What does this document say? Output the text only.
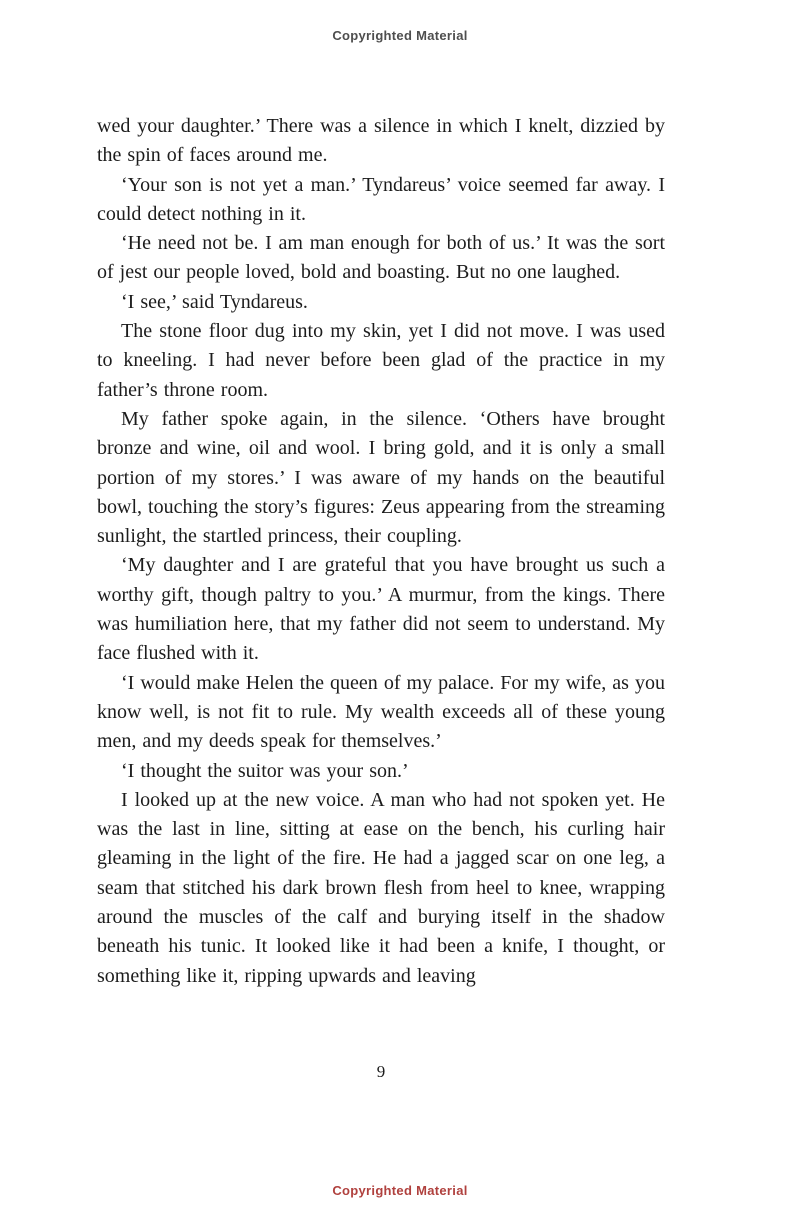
Copyrighted Material

wed your daughter.’ There was a silence in which I knelt, dizzied by the spin of faces around me.

‘Your son is not yet a man.’ Tyndareus’ voice seemed far away. I could detect nothing in it.

‘He need not be. I am man enough for both of us.’ It was the sort of jest our people loved, bold and boasting. But no one laughed.

‘I see,’ said Tyndareus.

The stone floor dug into my skin, yet I did not move. I was used to kneeling. I had never before been glad of the practice in my father’s throne room.

My father spoke again, in the silence. ‘Others have brought bronze and wine, oil and wool. I bring gold, and it is only a small portion of my stores.’ I was aware of my hands on the beautiful bowl, touching the story’s figures: Zeus appearing from the streaming sunlight, the startled princess, their coupling.

‘My daughter and I are grateful that you have brought us such a worthy gift, though paltry to you.’ A murmur, from the kings. There was humiliation here, that my father did not seem to understand. My face flushed with it.

‘I would make Helen the queen of my palace. For my wife, as you know well, is not fit to rule. My wealth exceeds all of these young men, and my deeds speak for themselves.’

‘I thought the suitor was your son.’

I looked up at the new voice. A man who had not spoken yet. He was the last in line, sitting at ease on the bench, his curling hair gleaming in the light of the fire. He had a jagged scar on one leg, a seam that stitched his dark brown flesh from heel to knee, wrapping around the muscles of the calf and burying itself in the shadow beneath his tunic. It looked like it had been a knife, I thought, or something like it, ripping upwards and leaving

9
Copyrighted Material
